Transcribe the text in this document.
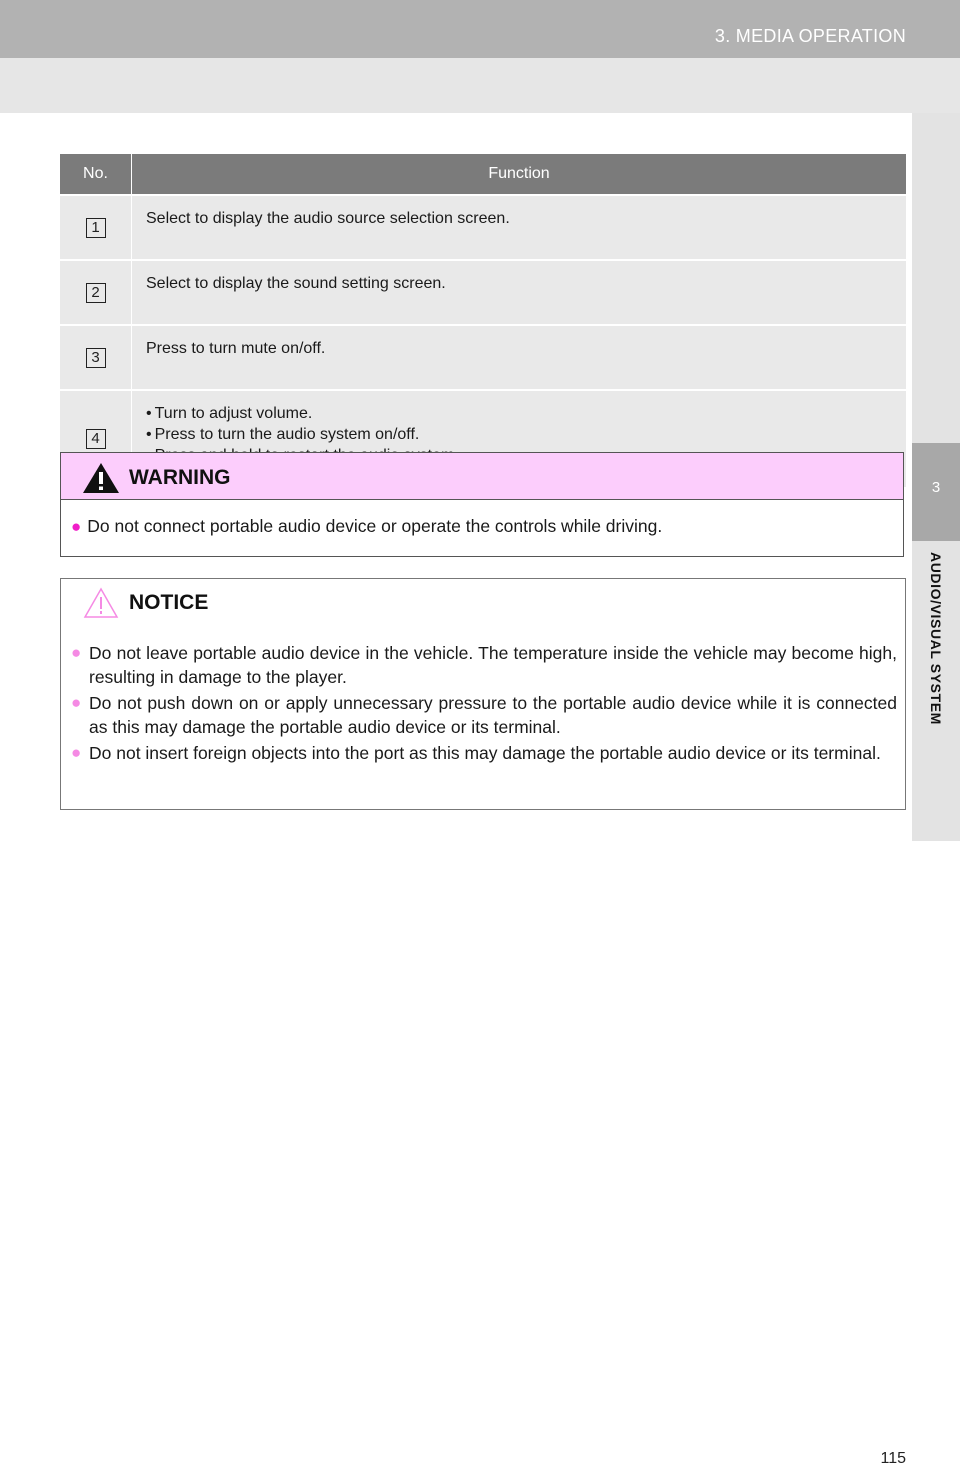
3. MEDIA OPERATION
3
AUDIO/VISUAL SYSTEM
No.	Function
1	Select to display the audio source selection screen.
2	Select to display the sound setting screen.
3	Press to turn mute on/off.
4	• Turn to adjust volume.
• Press to turn the audio system on/off.
•
WARNING
● Do not connect portable audio device or operate the controls while driving.
NOTICE
● Do not leave portable audio device in the vehicle. The temperature inside the vehicle may become high, resulting in damage to the player.
● Do not push down on or apply unnecessary pressure to the portable audio device while it is connected as this may damage the portable audio device or its terminal.
● Do not insert foreign objects into the port as this may damage the portable audio device or its terminal.
115
